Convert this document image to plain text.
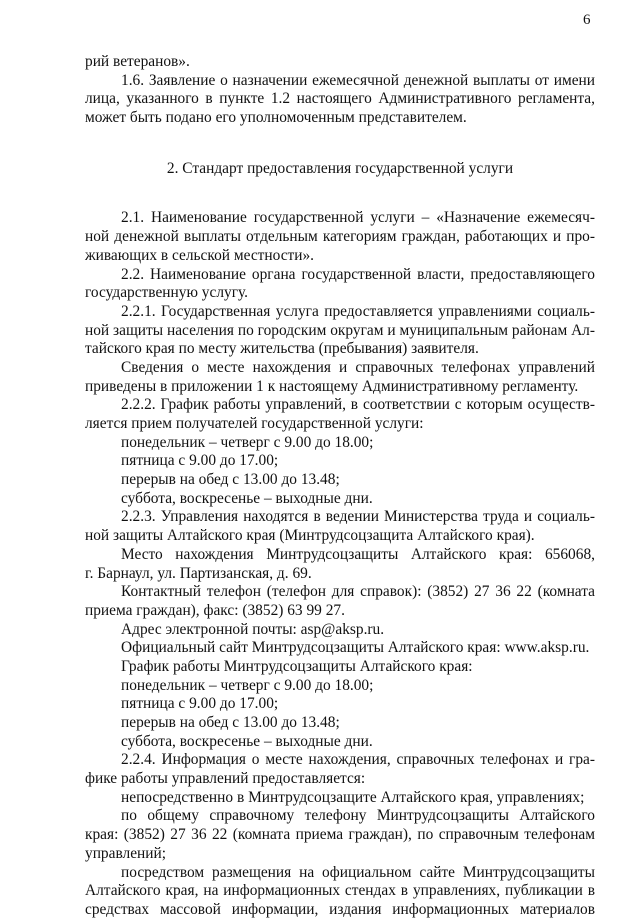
6
рий ветеранов».
1.6. Заявление о назначении ежемесячной денежной выплаты от имени
лица, указанного в пункте 1.2 настоящего Административного регламента,
может быть подано его уполномоченным представителем.
2. Стандарт предоставления государственной услуги
2.1. Наименование государственной услуги – «Назначение ежемесяч-
ной денежной выплаты отдельным категориям граждан, работающих и про-
живающих в сельской местности».
2.2. Наименование органа государственной власти, предоставляющего
государственную услугу.
2.2.1. Государственная услуга предоставляется управлениями социаль-
ной защиты населения по городским округам и муниципальным районам Ал-
тайского края по месту жительства (пребывания) заявителя.
Сведения о месте нахождения и справочных телефонах управлений
приведены в приложении 1 к настоящему Административному регламенту.
2.2.2. График работы управлений, в соответствии с которым осуществ-
ляется прием получателей государственной услуги:
понедельник – четверг с 9.00 до 18.00;
пятница с 9.00 до 17.00;
перерыв на обед с 13.00 до 13.48;
суббота, воскресенье – выходные дни.
2.2.3. Управления находятся в ведении Министерства труда и социаль-
ной защиты Алтайского края (Минтрудсоцзащита Алтайского края).
Место нахождения Минтрудсоцзащиты Алтайского края: 656068,
г. Барнаул, ул. Партизанская, д. 69.
Контактный телефон (телефон для справок): (3852) 27 36 22 (комната
приема граждан), факс: (3852) 63 99 27.
Адрес электронной почты: asp@aksp.ru.
Официальный сайт Минтрудсоцзащиты Алтайского края: www.aksp.ru.
График работы Минтрудсоцзащиты Алтайского края:
понедельник – четверг с 9.00 до 18.00;
пятница с 9.00 до 17.00;
перерыв на обед с 13.00 до 13.48;
суббота, воскресенье – выходные дни.
2.2.4. Информация о месте нахождения, справочных телефонах и гра-
фике работы управлений предоставляется:
непосредственно в Минтрудсоцзащите Алтайского края, управлениях;
по общему справочному телефону Минтрудсоцзащиты Алтайского
края: (3852) 27 36 22 (комната приема граждан), по справочным телефонам
управлений;
посредством размещения на официальном сайте Минтрудсоцзащиты
Алтайского края, на информационных стендах в управлениях, публикации в
средствах массовой информации, издания информационных материалов
